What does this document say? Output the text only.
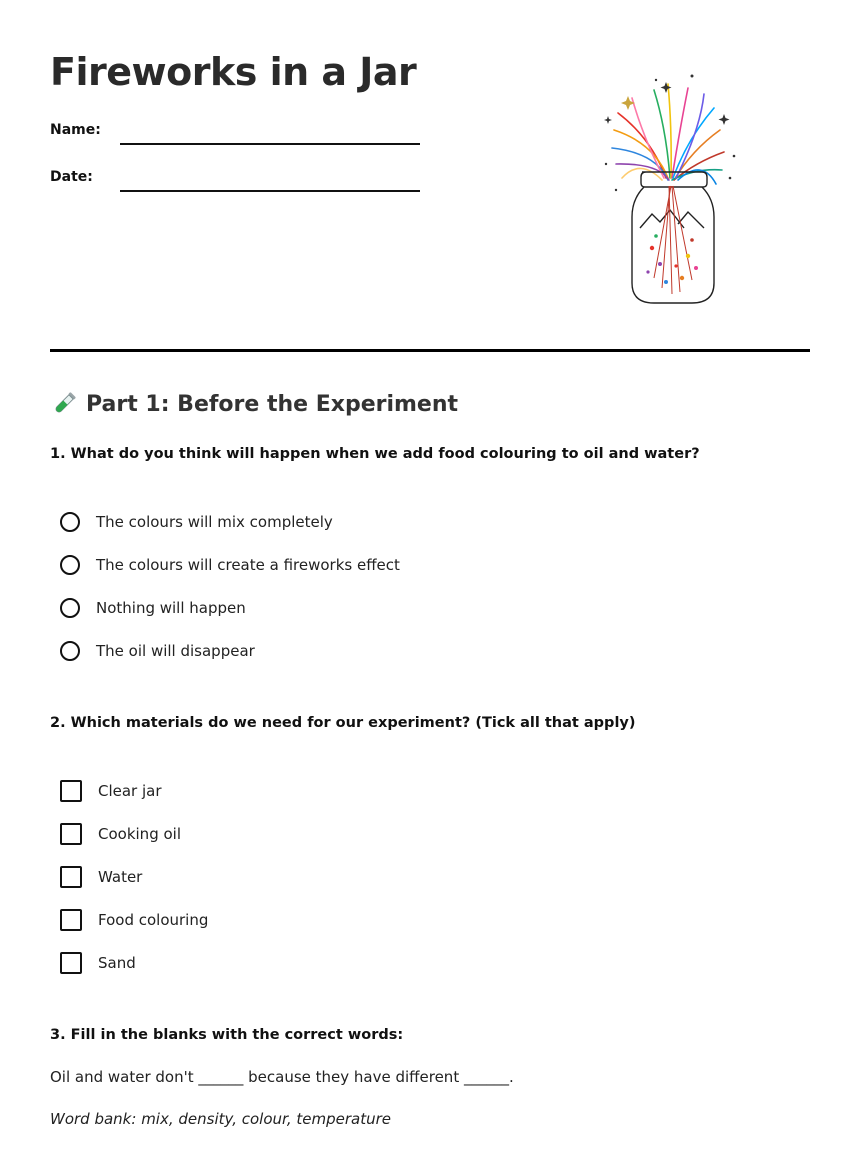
Fireworks in a Jar
Name:
Date:
Part 1: Before the Experiment

1. What do you think will happen when we add food colouring to oil and water?

The colours will mix completely
The colours will create a fireworks effect
Nothing will happen
The oil will disappear

2. Which materials do we need for our experiment? (Tick all that apply)

Clear jar
Cooking oil
Water
Food colouring
Sand

3. Fill in the blanks with the correct words:

Oil and water don't ______ because they have different ______.

Word bank: mix, density, colour, temperature
